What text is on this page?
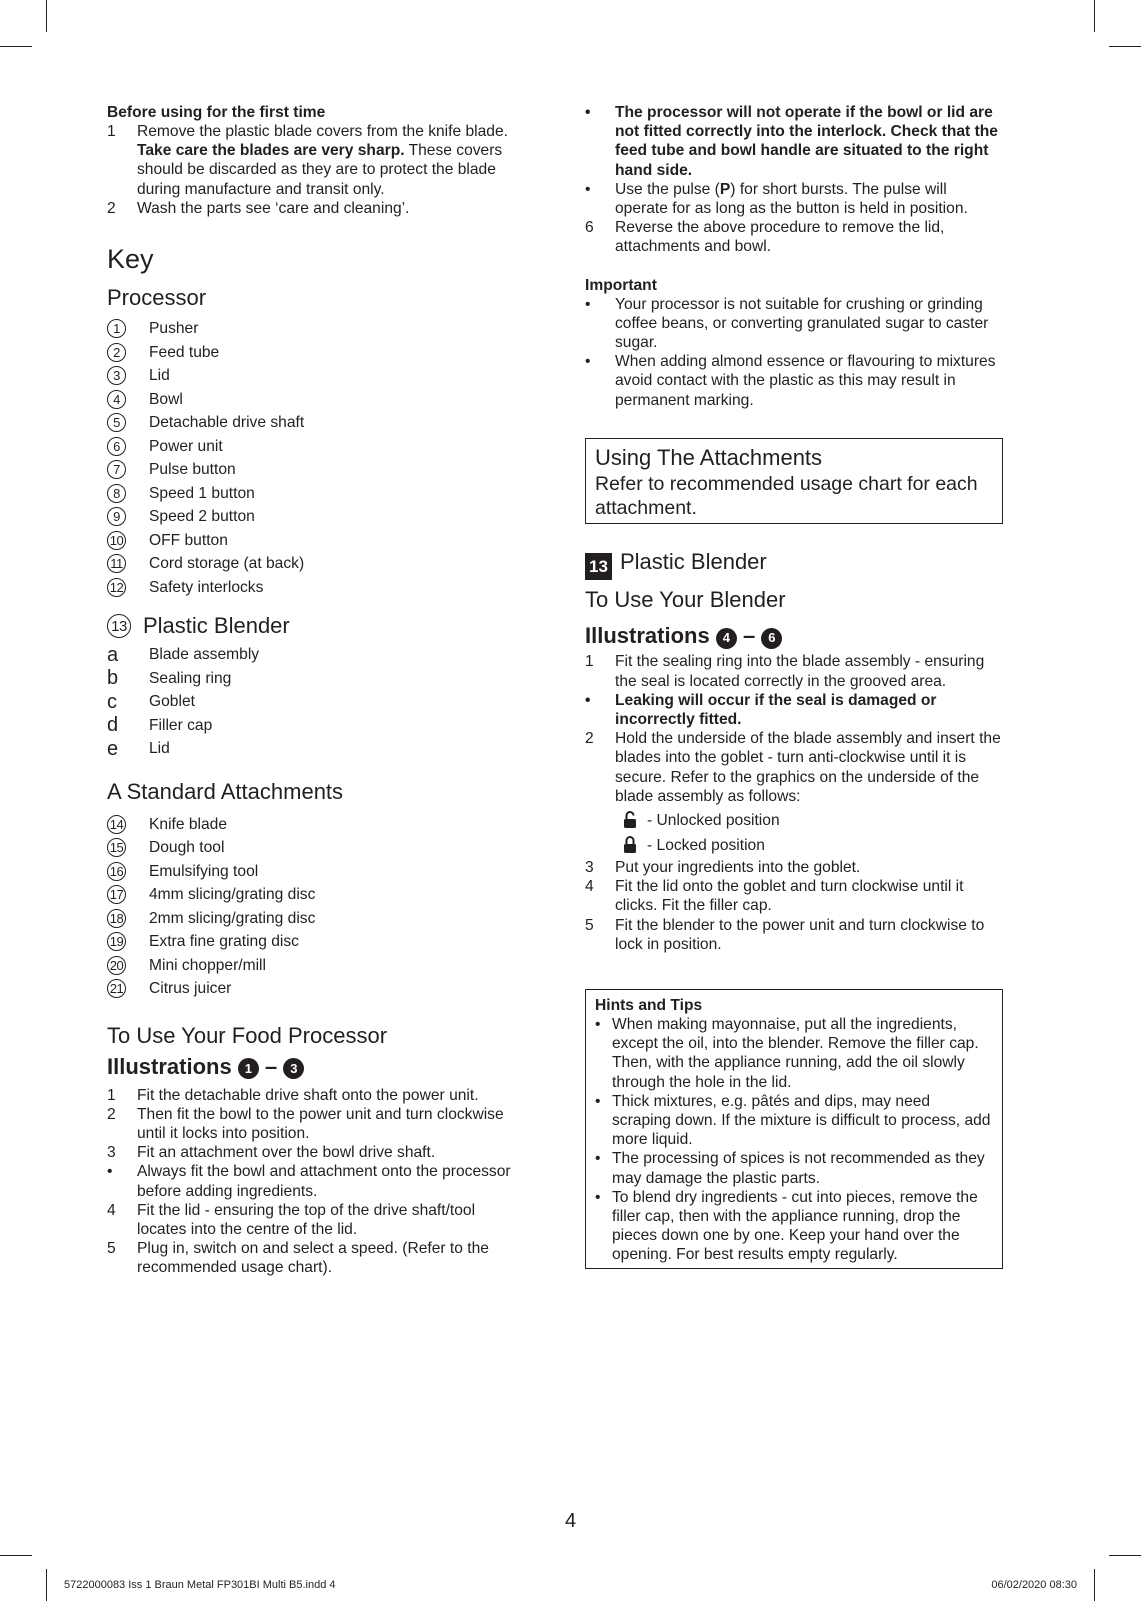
Before using for the first time
1	Remove the plastic blade covers from the knife blade. Take care the blades are very sharp. These covers should be discarded as they are to protect the blade during manufacture and transit only.
2	Wash the parts see ‘care and cleaning’.
Key
Processor
1	Pusher
2	Feed tube
3	Lid
4	Bowl
5	Detachable drive shaft
6	Power unit
7	Pulse button
8	Speed 1 button
9	Speed 2 button
10 OFF button
11 Cord storage (at back)
12 Safety interlocks
13 Plastic Blender
a	Blade assembly
b	Sealing ring
c	Goblet
d	Filler cap
e	Lid
A Standard Attachments
14 Knife blade
15 Dough tool
16 Emulsifying tool
17 4mm slicing/grating disc
18 2mm slicing/grating disc
19 Extra fine grating disc
20 Mini chopper/mill
21 Citrus juicer
To Use Your Food Processor
Illustrations 1 – 3
1	Fit the detachable drive shaft onto the power unit.
2	Then fit the bowl to the power unit and turn clockwise until it locks into position.
3	Fit an attachment over the bowl drive shaft.
•	Always fit the bowl and attachment onto the processor before adding ingredients.
4	Fit the lid - ensuring the top of the drive shaft/tool locates into the centre of the lid.
5	Plug in, switch on and select a speed. (Refer to the recommended usage chart).
•	The processor will not operate if the bowl or lid are not fitted correctly into the interlock. Check that the feed tube and bowl handle are situated to the right hand side.
•	Use the pulse (P) for short bursts. The pulse will operate for as long as the button is held in position.
6	Reverse the above procedure to remove the lid, attachments and bowl.
Important
•	Your processor is not suitable for crushing or grinding coffee beans, or converting granulated sugar to caster sugar.
•	When adding almond essence or flavouring to mixtures avoid contact with the plastic as this may result in permanent marking.
Using The Attachments
Refer to recommended usage chart for each attachment.
13 Plastic Blender
To Use Your Blender
Illustrations 4 – 6
1	Fit the sealing ring into the blade assembly - ensuring the seal is located correctly in the grooved area.
•	Leaking will occur if the seal is damaged or incorrectly fitted.
2	Hold the underside of the blade assembly and insert the blades into the goblet - turn anti-clockwise until it is secure. Refer to the graphics on the underside of the blade assembly as follows:
- Unlocked position
- Locked position
3	Put your ingredients into the goblet.
4	Fit the lid onto the goblet and turn clockwise until it clicks. Fit the filler cap.
5	Fit the blender to the power unit and turn clockwise to lock in position.
Hints and Tips
• When making mayonnaise, put all the ingredients, except the oil, into the blender. Remove the filler cap. Then, with the appliance running, add the oil slowly through the hole in the lid.
• Thick mixtures, e.g. pâtés and dips, may need scraping down. If the mixture is difficult to process, add more liquid.
• The processing of spices is not recommended as they may damage the plastic parts.
• To blend dry ingredients - cut into pieces, remove the filler cap, then with the appliance running, drop the pieces down one by one. Keep your hand over the opening. For best results empty regularly.
4
5722000083 Iss 1 Braun Metal FP301BI Multi B5.indd 4	06/02/2020 08:30
